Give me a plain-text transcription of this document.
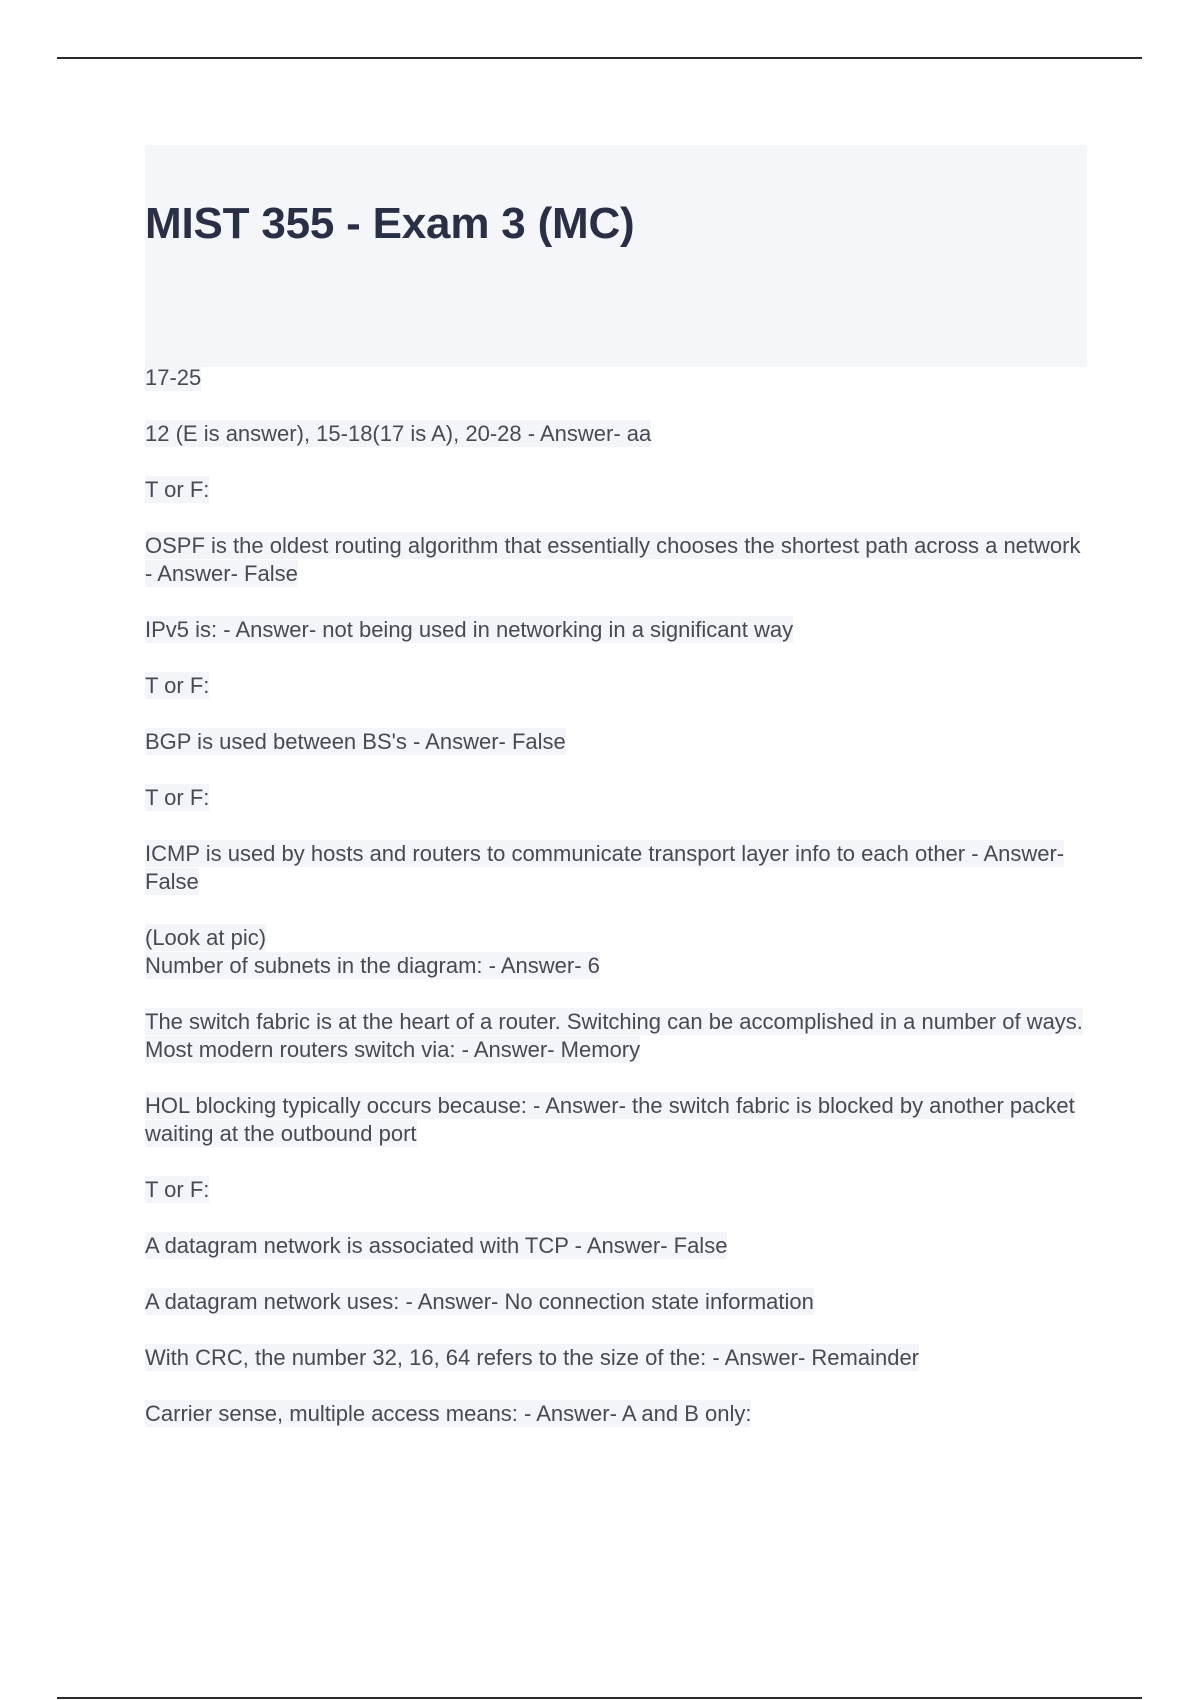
MIST 355 - Exam 3 (MC)

17-25

12 (E is answer), 15-18(17 is A), 20-28 - Answer- aa

T or F:

OSPF is the oldest routing algorithm that essentially chooses the shortest path across a network - Answer- False

IPv5 is: - Answer- not being used in networking in a significant way

T or F:

BGP is used between BS's - Answer- False

T or F:

ICMP is used by hosts and routers to communicate transport layer info to each other - Answer- False

(Look at pic)

Number of subnets in the diagram: - Answer- 6

The switch fabric is at the heart of a router. Switching can be accomplished in a number of ways. Most modern routers switch via: - Answer- Memory

HOL blocking typically occurs because: - Answer- the switch fabric is blocked by another packet waiting at the outbound port

T or F:

A datagram network is associated with TCP - Answer- False

A datagram network uses: - Answer- No connection state information

With CRC, the number 32, 16, 64 refers to the size of the: - Answer- Remainder

Carrier sense, multiple access means: - Answer- A and B only:
